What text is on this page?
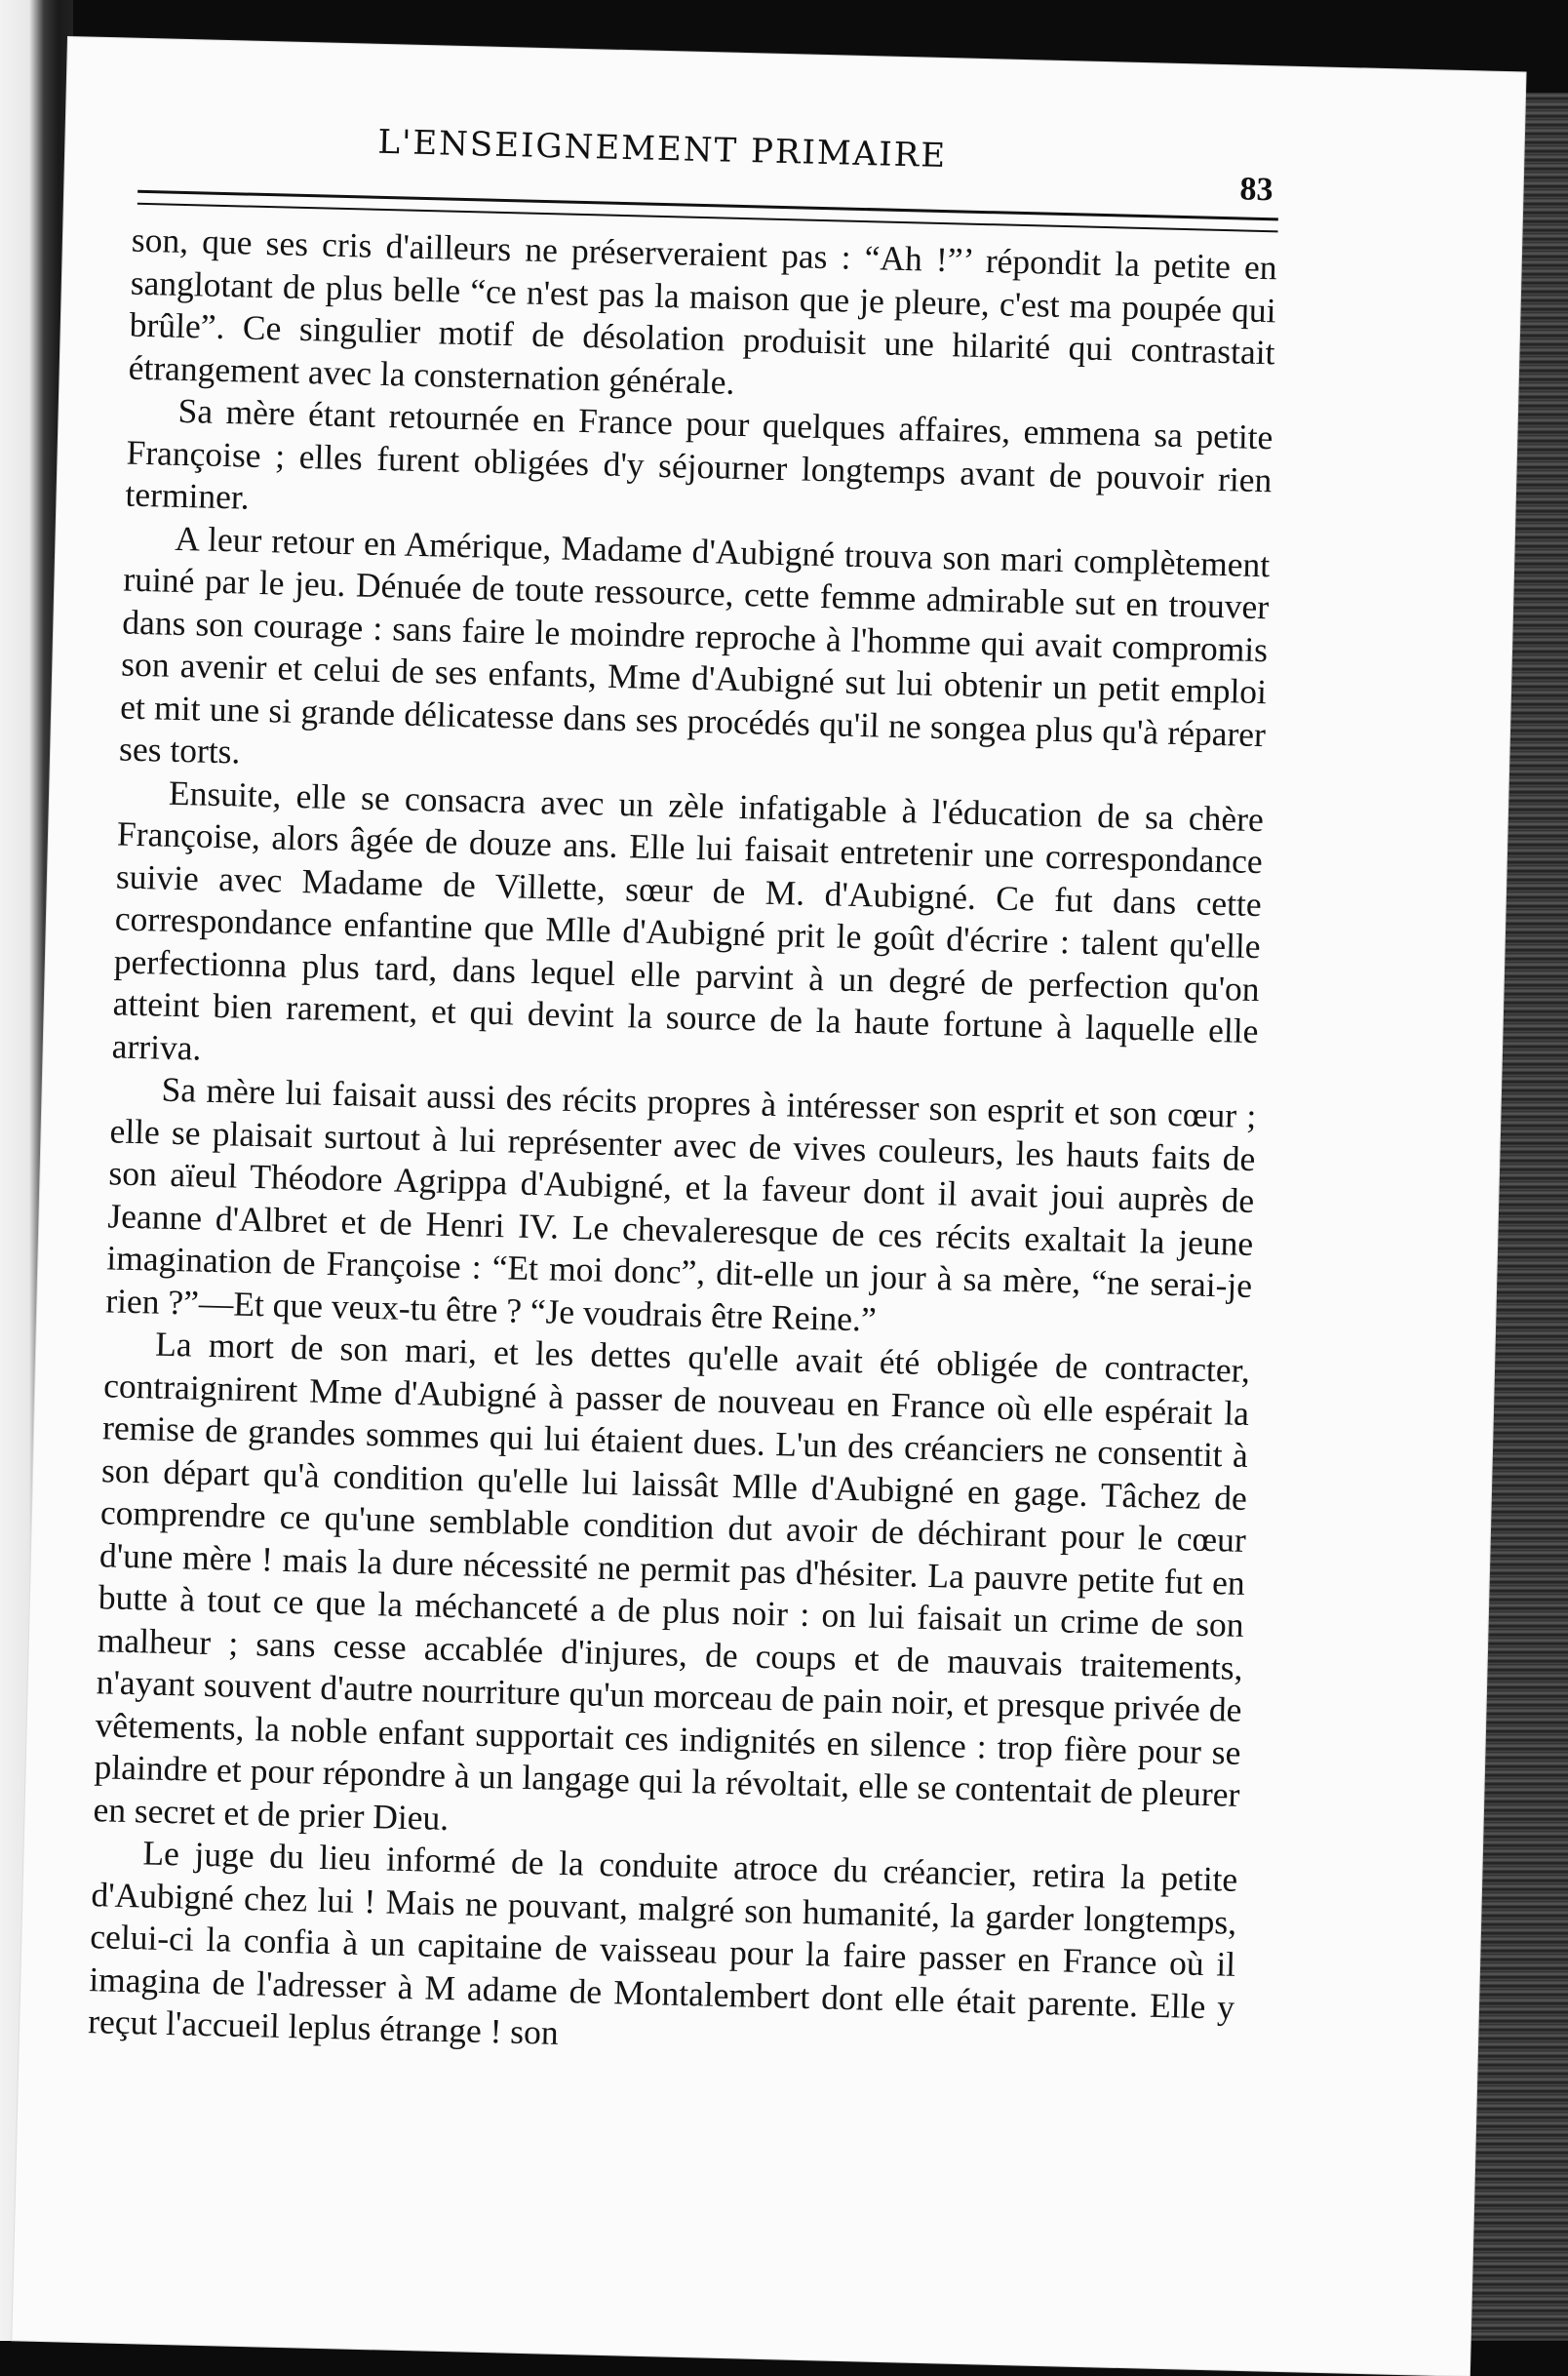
L'ENSEIGNEMENT PRIMAIRE
83

son, que ses cris d'ailleurs ne préserveraient pas : “Ah !”’ répondit la petite en sanglotant de plus belle “ce n'est pas la maison que je pleure, c'est ma poupée qui brûle”. Ce singulier motif de désolation produisit une hilarité qui contrastait étrangement avec la consternation générale.

Sa mère étant retournée en France pour quelques affaires, emmena sa petite Françoise ; elles furent obligées d'y séjourner longtemps avant de pouvoir rien terminer.

A leur retour en Amérique, Madame d'Aubigné trouva son mari complètement ruiné par le jeu. Dénuée de toute ressource, cette femme admirable sut en trouver dans son courage : sans faire le moindre reproche à l'homme qui avait compromis son avenir et celui de ses enfants, Mme d'Aubigné sut lui obtenir un petit emploi et mit une si grande délicatesse dans ses procédés qu'il ne songea plus qu'à réparer ses torts.

Ensuite, elle se consacra avec un zèle infatigable à l'éducation de sa chère Françoise, alors âgée de douze ans. Elle lui faisait entretenir une correspondance suivie avec Madame de Villette, sœur de M. d'Aubigné. Ce fut dans cette correspondance enfantine que Mlle d'Aubigné prit le goût d'écrire : talent qu'elle perfectionna plus tard, dans lequel elle parvint à un degré de perfection qu'on atteint bien rarement, et qui devint la source de la haute fortune à laquelle elle arriva.

Sa mère lui faisait aussi des récits propres à intéresser son esprit et son cœur ; elle se plaisait surtout à lui représenter avec de vives couleurs, les hauts faits de son aïeul Théodore Agrippa d'Aubigné, et la faveur dont il avait joui auprès de Jeanne d'Albret et de Henri IV. Le chevaleresque de ces récits exaltait la jeune imagination de Françoise : “Et moi donc”, dit-elle un jour à sa mère, “ne serai-je rien ?”—Et que veux-tu être ? “Je voudrais être Reine.”

La mort de son mari, et les dettes qu'elle avait été obligée de contracter, contraignirent Mme d'Aubigné à passer de nouveau en France où elle espérait la remise de grandes sommes qui lui étaient dues. L'un des créanciers ne consentit à son départ qu'à condition qu'elle lui laissât Mlle d'Aubigné en gage. Tâchez de comprendre ce qu'une semblable condition dut avoir de déchirant pour le cœur d'une mère ! mais la dure nécessité ne permit pas d'hésiter. La pauvre petite fut en butte à tout ce que la méchanceté a de plus noir : on lui faisait un crime de son malheur ; sans cesse accablée d'injures, de coups et de mauvais traitements, n'ayant souvent d'autre nourriture qu'un morceau de pain noir, et presque privée de vêtements, la noble enfant supportait ces indignités en silence : trop fière pour se plaindre et pour répondre à un langage qui la révoltait, elle se contentait de pleurer en secret et de prier Dieu.

Le juge du lieu informé de la conduite atroce du créancier, retira la petite d'Aubigné chez lui ! Mais ne pouvant, malgré son humanité, la garder longtemps, celui-ci la confia à un capitaine de vaisseau pour la faire passer en France où il imagina de l'adresser à M adame de Montalembert dont elle était parente. Elle y reçut l'accueil leplus étrange ! son
